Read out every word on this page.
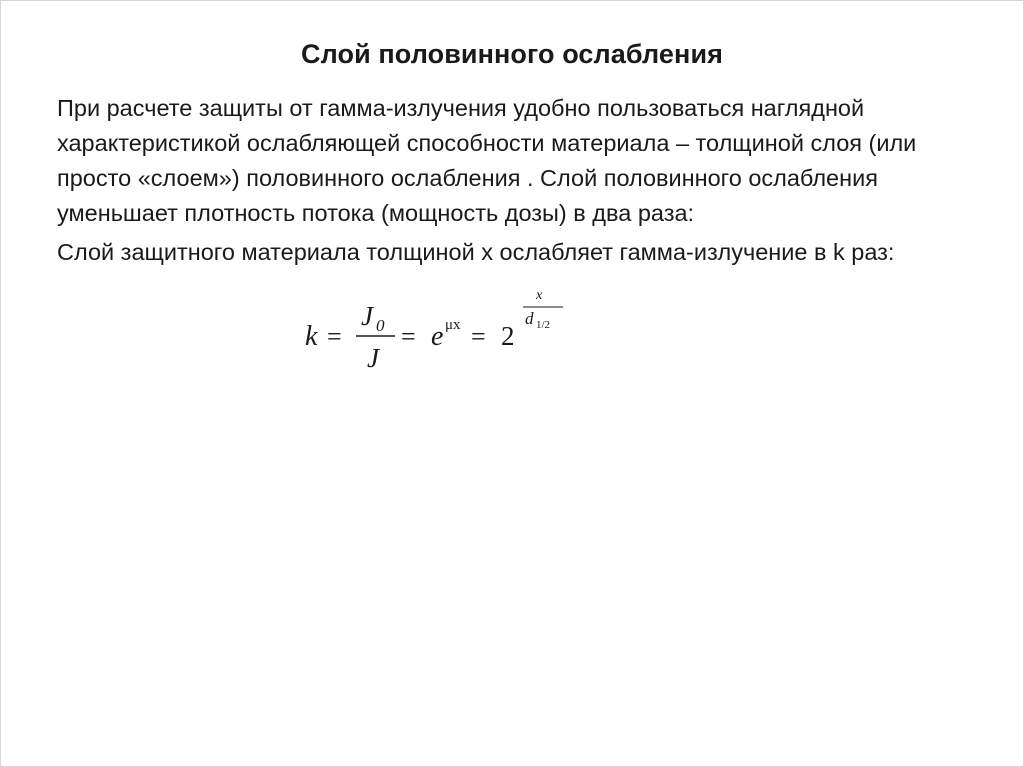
Слой половинного ослабления

При расчете защиты от гамма-излучения удобно пользоваться наглядной характеристикой ослабляющей способности материала – толщиной слоя (или просто «слоем») половинного ослабления . Слой половинного ослабления уменьшает плотность потока (мощность дозы) в два раза:

Слой защитного материала толщиной x ослабляет гамма-излучение в k раз:

k =
J 0
J
= e μx = 2
x
d 1/2
